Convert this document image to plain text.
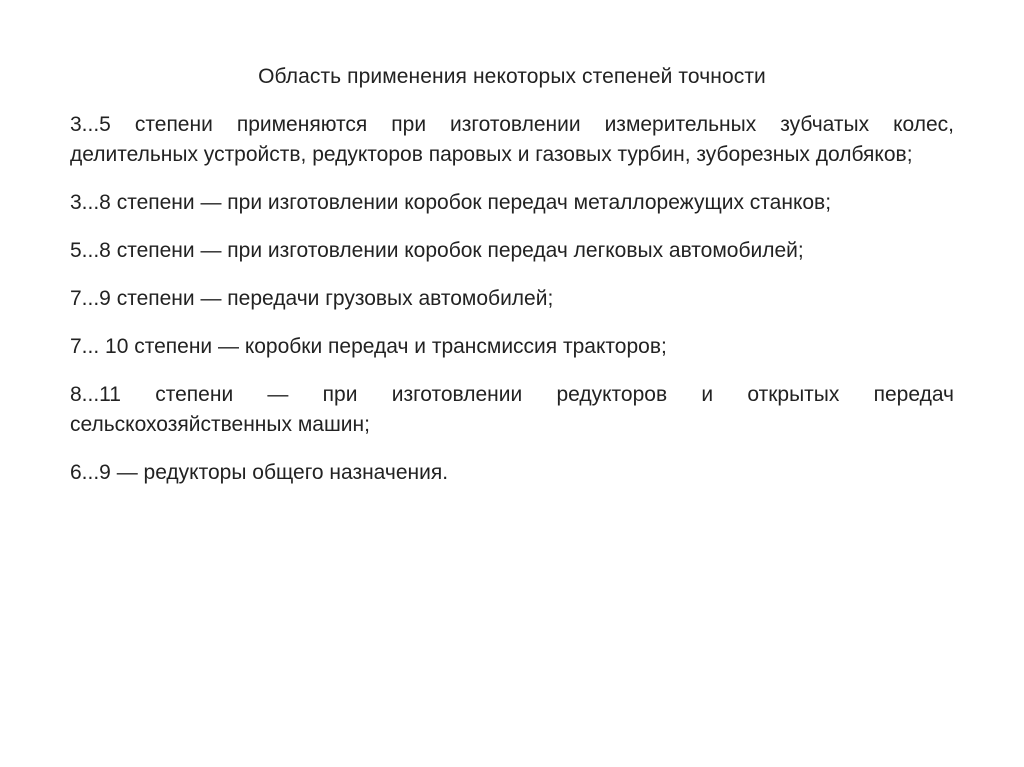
Область применения некоторых степеней точности
3...5 степени применяются при изготовлении измерительных зубчатых колес, делительных устройств, редукторов паровых и газовых турбин, зуборезных долбяков;
3...8 степени — при изготовлении коробок передач металлорежущих станков;
5...8 степени — при изготовлении коробок передач легковых автомобилей;
7...9 степени — передачи грузовых автомобилей;
7... 10 степени — коробки передач и трансмиссия тракторов;
8...11 степени — при изготовлении редукторов и открытых передач сельскохозяйственных машин;
6...9 — редукторы общего назначения.
